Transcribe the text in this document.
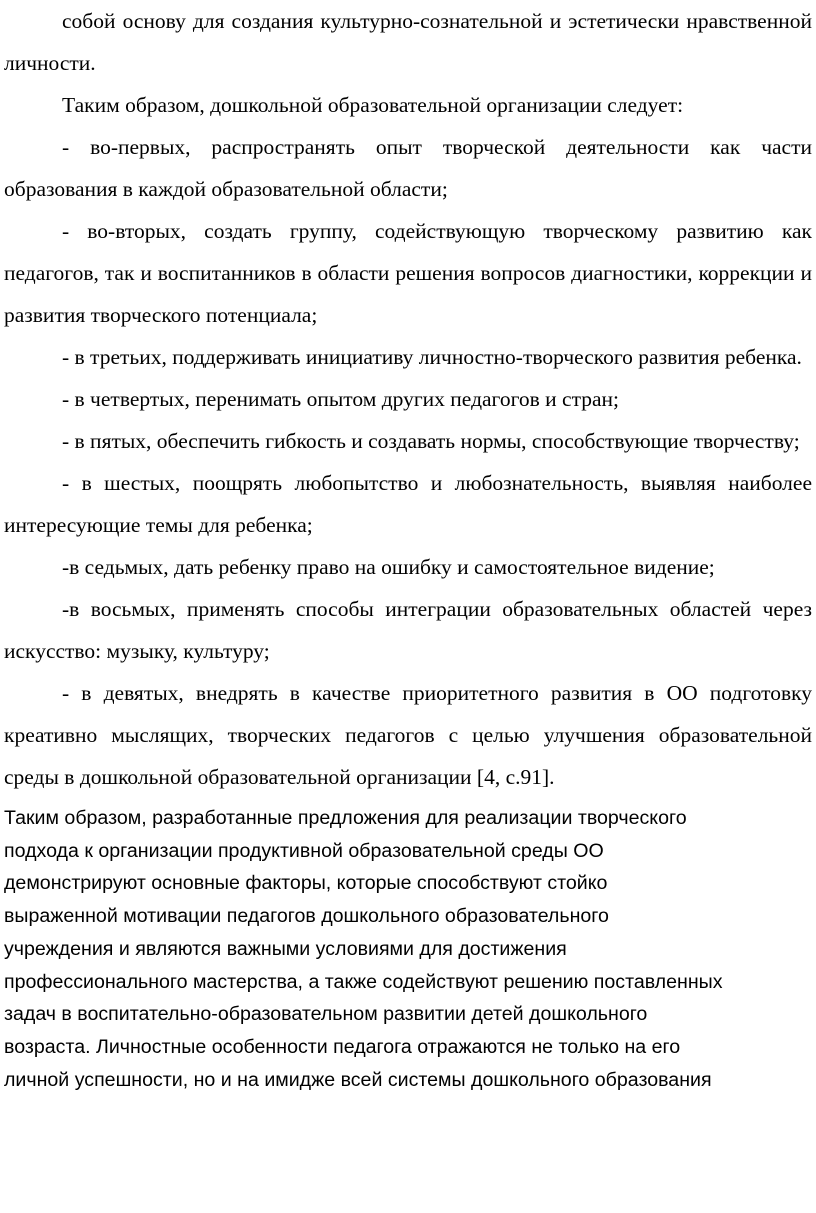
собой основу для создания культурно-сознательной и эстетически нравственной личности.

Таким образом, дошкольной образовательной организации следует:

- во-первых, распространять опыт творческой деятельности как части образования в каждой образовательной области;

- во-вторых, создать группу, содействующую творческому развитию как педагогов, так и воспитанников в области решения вопросов диагностики, коррекции и развития творческого потенциала;

- в третьих, поддерживать инициативу личностно-творческого развития ребенка.

- в четвертых, перенимать опытом других педагогов и стран;

- в пятых, обеспечить гибкость и создавать нормы, способствующие творчеству;

- в шестых, поощрять любопытство и любознательность, выявляя наиболее интересующие темы для ребенка;

-в седьмых, дать ребенку право на ошибку и самостоятельное видение;

-в восьмых, применять способы интеграции образовательных областей через искусство: музыку, культуру;

- в девятых, внедрять в качестве приоритетного развития в ОО подготовку креативно мыслящих, творческих педагогов с целью улучшения образовательной среды в дошкольной образовательной организации [4, с.91].

Таким образом, разработанные предложения для реализации творческого

подхода к организации продуктивной образовательной среды ОО

демонстрируют основные факторы, которые способствуют стойко

выраженной мотивации педагогов дошкольного образовательного

учреждения и являются важными условиями для достижения

профессионального мастерства, а также содействуют решению поставленных

задач в воспитательно-образовательном развитии детей дошкольного

возраста. Личностные особенности педагога отражаются не только на его

личной успешности, но и на имидже всей системы дошкольного образования
